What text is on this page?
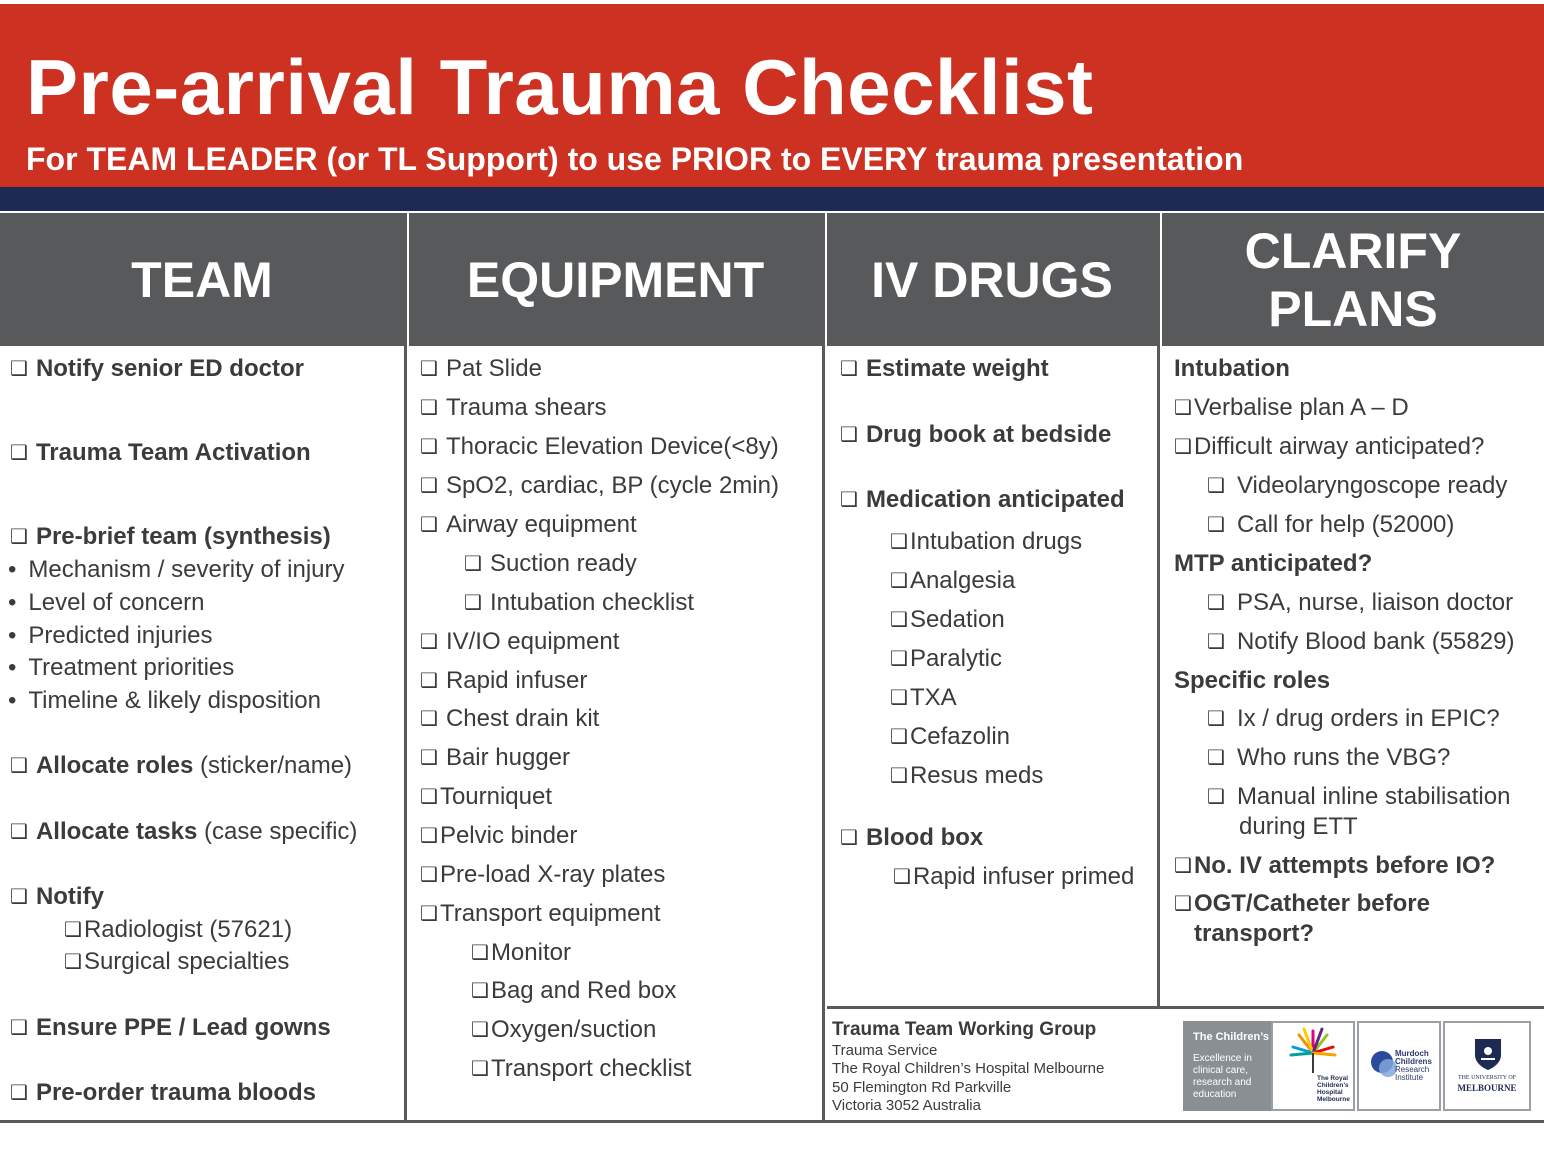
Pre-arrival Trauma Checklist
For TEAM LEADER (or TL Support) to use PRIOR to EVERY trauma presentation
TEAM	EQUIPMENT IV DRUGS
CLARIFY
PLANS
❑ Notify senior ED doctor
❑ Trauma Team Activation
❑ Pre-brief team (synthesis)
• Mechanism / severity of injury
• Level of concern
• Predicted injuries
• Treatment priorities
• Timeline & likely disposition
❑ Allocate roles (sticker/name)
❑ Allocate tasks (case specific)
❑ Notify
❑Radiologist (57621)
❑Surgical specialties
❑ Ensure PPE / Lead gowns
❑ Pre-order trauma bloods
❑ Pat Slide
❑ Trauma shears
❑ Thoracic Elevation Device(<8y)
❑ SpO2, cardiac, BP (cycle 2min)
❑ Airway equipment
❑ Suction ready
❑ Intubation checklist
❑ IV/IO equipment
❑ Rapid infuser
❑ Chest drain kit
❑ Bair hugger
❑Tourniquet
❑Pelvic binder
❑Pre-load X-ray plates
❑Transport equipment
❑Monitor
❑Bag and Red box
❑Oxygen/suction
❑Transport checklist
❑ Estimate weight
❑ Drug book at bedside
❑ Medication anticipated
❑Intubation drugs
❑Analgesia
❑Sedation
❑Paralytic
❑TXA
❑Cefazolin
❑Resus meds
❑ Blood box
❑Rapid infuser primed
Intubation
❑Verbalise plan A – D
❑Difficult airway anticipated?
❑ Videolaryngoscope ready
❑ Call for help (52000)
MTP anticipated?
❑ PSA, nurse, liaison doctor
❑ Notify Blood bank (55829)
Specific roles
❑ Ix / drug orders in EPIC?
❑ Who runs the VBG?
❑ Manual inline stabilisation
during ETT
❑No. IV attempts before IO?
❑OGT/Catheter before
transport?
Trauma Team Working Group
Trauma Service
The Royal Children’s Hospital Melbourne
50 Flemington Rd Parkville
Victoria 3052 Australia
The Children’s
Excellence in
clinical care,
research and
education
The Royal
Children’s
Hospital
Melbourne
Murdoch
Childrens
Research
Institute	THE UNIVERSITY OF
MELBOURNE
